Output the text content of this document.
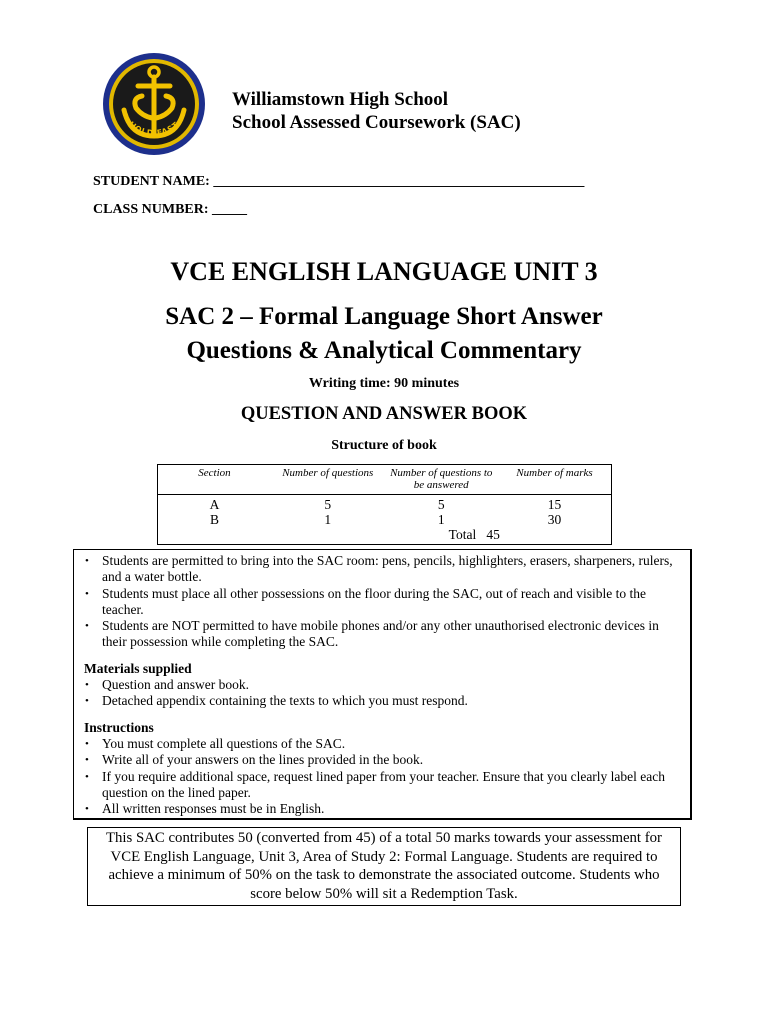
HOLD FAST
Williamstown High School
School Assessed Coursework (SAC)
STUDENT NAME: _____________________________________________________
CLASS NUMBER: _____
VCE ENGLISH LANGUAGE UNIT 3
SAC 2 – Formal Language Short Answer
Questions & Analytical Commentary
Writing time: 90 minutes
QUESTION AND ANSWER BOOK
Structure of book
Section	Number of questions	Number of questions to be answered	Number of marks
A	5	5	15
B	1	1	30
		Total 45	
• Students are permitted to bring into the SAC room: pens, pencils, highlighters, erasers, sharpeners, rulers, and a water bottle.
• Students must place all other possessions on the floor during the SAC, out of reach and visible to the teacher.
• Students are NOT permitted to have mobile phones and/or any other unauthorised electronic devices in their possession while completing the SAC.
Materials supplied
• Question and answer book.
• Detached appendix containing the texts to which you must respond.
Instructions
• You must complete all questions of the SAC.
• Write all of your answers on the lines provided in the book.
• If you require additional space, request lined paper from your teacher. Ensure that you clearly label each question on the lined paper.
• All written responses must be in English.
This SAC contributes 50 (converted from 45) of a total 50 marks towards your assessment for VCE English Language, Unit 3, Area of Study 2: Formal Language. Students are required to achieve a minimum of 50% on the task to demonstrate the associated outcome. Students who score below 50% will sit a Redemption Task.
